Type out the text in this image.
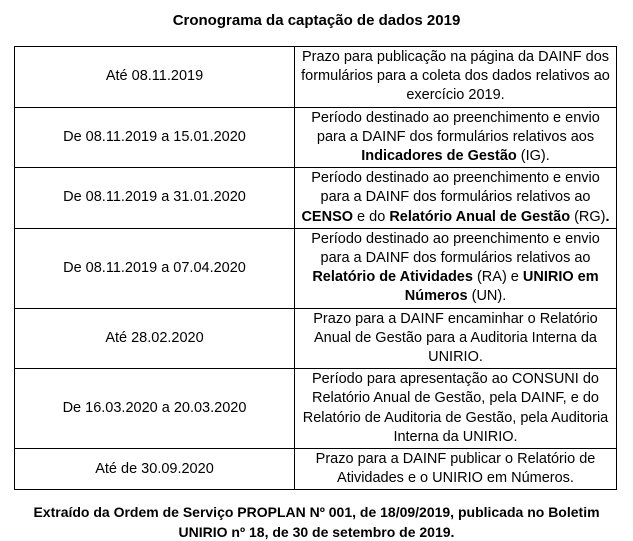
Cronograma da captação de dados 2019
Até 08.11.2019	Prazo para publicação na página da DAINF dos formulários para a coleta dos dados relativos ao exercício 2019.
De 08.11.2019 a 15.01.2020	Período destinado ao preenchimento e envio para a DAINF dos formulários relativos aos Indicadores de Gestão (IG).
De 08.11.2019 a 31.01.2020	Período destinado ao preenchimento e envio para a DAINF dos formulários relativos ao CENSO e do Relatório Anual de Gestão (RG).
De 08.11.2019 a 07.04.2020	Período destinado ao preenchimento e envio para a DAINF dos formulários relativos ao Relatório de Atividades (RA) e UNIRIO em Números (UN).
Até 28.02.2020	Prazo para a DAINF encaminhar o Relatório Anual de Gestão para a Auditoria Interna da UNIRIO.
De 16.03.2020 a 20.03.2020	Período para apresentação ao CONSUNI do Relatório Anual de Gestão, pela DAINF, e do Relatório de Auditoria de Gestão, pela Auditoria Interna da UNIRIO.
Até de 30.09.2020	Prazo para a DAINF publicar o Relatório de Atividades e o UNIRIO em Números.

Extraído da Ordem de Serviço PROPLAN Nº 001, de 18/09/2019, publicada no Boletim UNIRIO nº 18, de 30 de setembro de 2019.
